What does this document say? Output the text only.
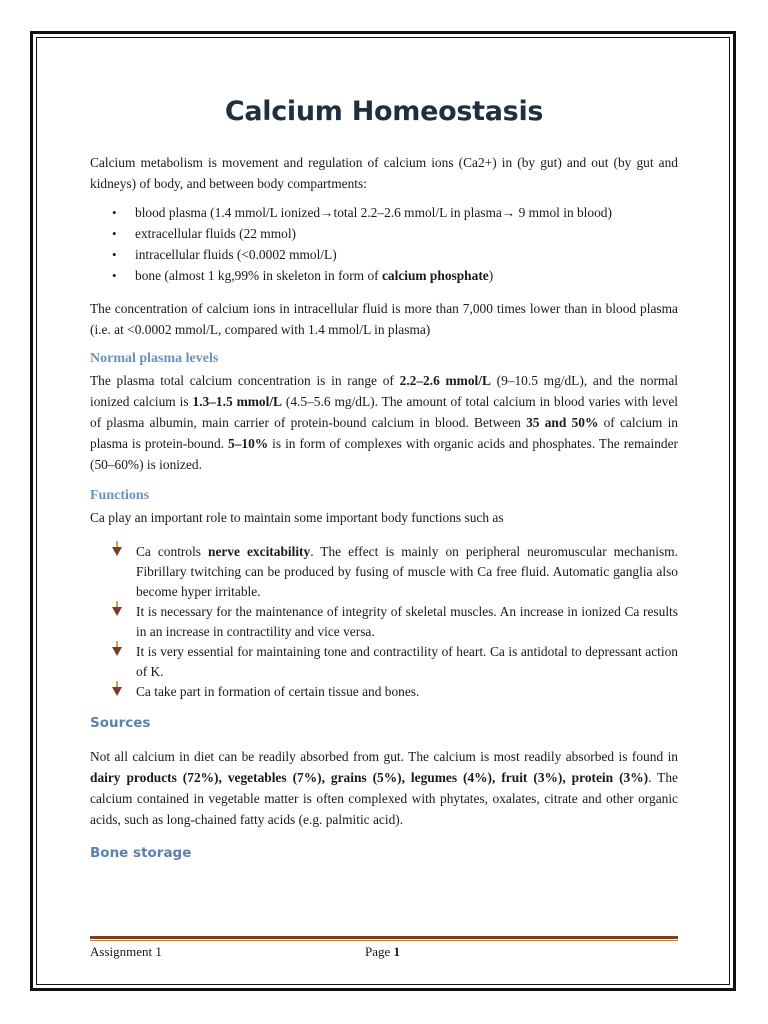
Calcium Homeostasis

Calcium metabolism is movement and regulation of calcium ions (Ca2+) in (by gut) and out (by gut and kidneys) of body, and between body compartments:

• blood plasma (1.4 mmol/L ionized→total 2.2–2.6 mmol/L in plasma→ 9 mmol in blood)
• extracellular fluids (22 mmol)
• intracellular fluids (<0.0002 mmol/L)
• bone (almost 1 kg,99% in skeleton in form of calcium phosphate)

The concentration of calcium ions in intracellular fluid is more than 7,000 times lower than in blood plasma (i.e. at <0.0002 mmol/L, compared with 1.4 mmol/L in plasma)

Normal plasma levels

The plasma total calcium concentration is in range of 2.2–2.6 mmol/L (9–10.5 mg/dL), and the normal ionized calcium is 1.3–1.5 mmol/L (4.5–5.6 mg/dL). The amount of total calcium in blood varies with level of plasma albumin, main carrier of protein-bound calcium in blood. Between 35 and 50% of calcium in plasma is protein-bound. 5–10% is in form of complexes with organic acids and phosphates. The remainder (50–60%) is ionized.

Functions

Ca play an important role to maintain some important body functions such as

Ca controls nerve excitability. The effect is mainly on peripheral neuromuscular mechanism. Fibrillary twitching can be produced by fusing of muscle with Ca free fluid. Automatic ganglia also become hyper irritable.
It is necessary for the maintenance of integrity of skeletal muscles. An increase in ionized Ca results in an increase in contractility and vice versa.
It is very essential for maintaining tone and contractility of heart. Ca is antidotal to depressant action of K.
Ca take part in formation of certain tissue and bones.
Sources

Not all calcium in diet can be readily absorbed from gut. The calcium is most readily absorbed is found in dairy products (72%), vegetables (7%), grains (5%), legumes (4%), fruit (3%), protein (3%). The calcium contained in vegetable matter is often complexed with phytates, oxalates, citrate and other organic acids, such as long-chained fatty acids (e.g. palmitic acid).

Bone storage
Assignment 1	Page 1
